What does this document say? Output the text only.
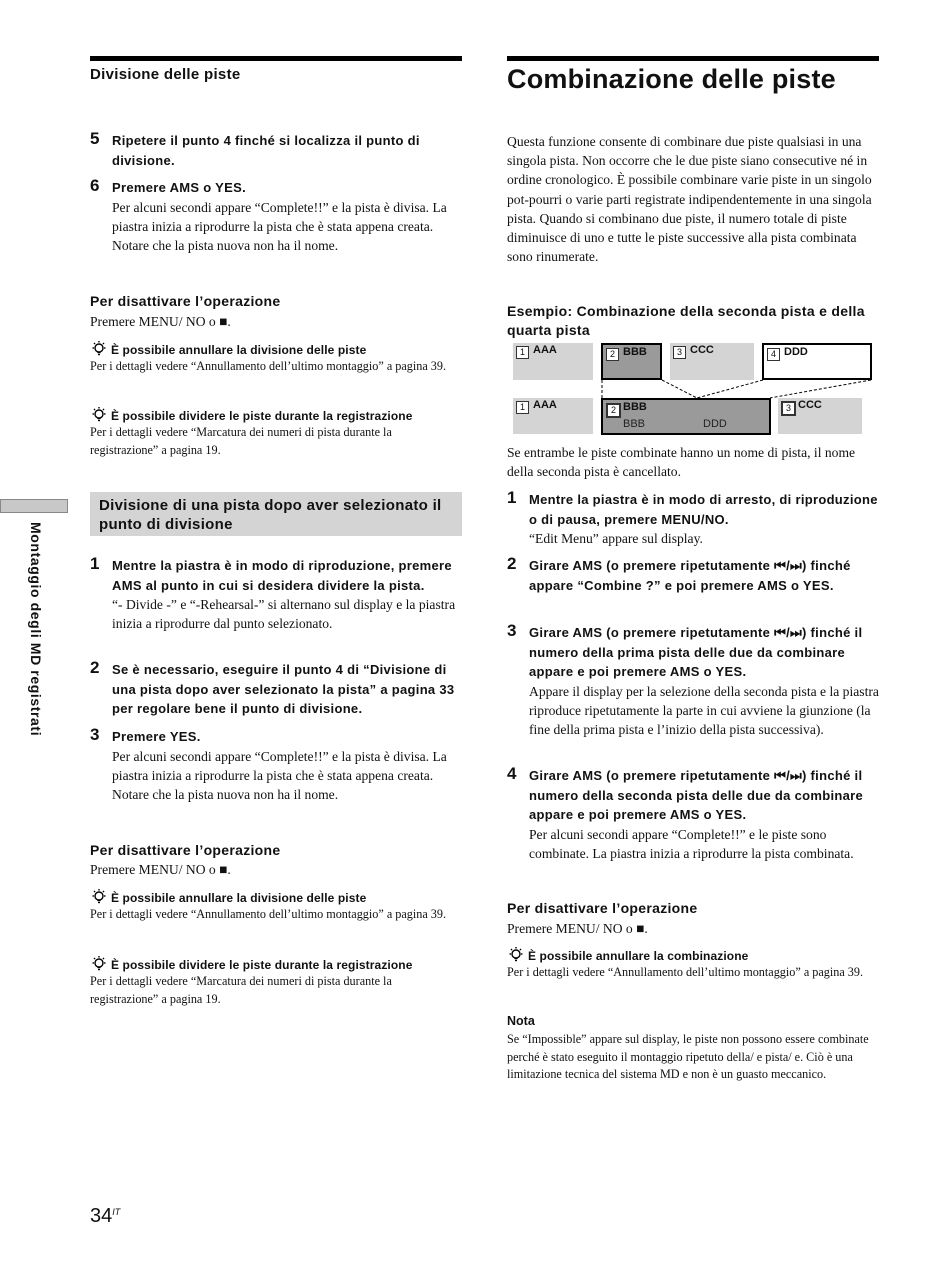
Divisione delle piste
5 Ripetere il punto 4 finché si localizza il punto di divisione.
6 Premere AMS o YES.
Per alcuni secondi appare “Complete!!” e la pista è divisa. La piastra inizia a riprodurre la pista che è stata appena creata. Notare che la pista nuova non ha il nome.
Per disattivare l’operazione
Premere MENU/ NO o ■.
È possibile annullare la divisione delle piste
Per i dettagli vedere “Annullamento dell’ultimo montaggio” a pagina 39.
È possibile dividere le piste durante la registrazione
Per i dettagli vedere “Marcatura dei numeri di pista durante la registrazione” a pagina 19.
Divisione di una pista dopo aver selezionato il punto di divisione
1 Mentre la piastra è in modo di riproduzione, premere AMS al punto in cui si desidera dividere la pista.
“- Divide -” e “-Rehearsal-” si alternano sul display e la piastra inizia a riprodurre dal punto selezionato.
2 Se è necessario, eseguire il punto 4 di “Divisione di una pista dopo aver selezionato la pista” a pagina 33 per regolare bene il punto di divisione.
3 Premere YES.
Per alcuni secondi appare “Complete!!” e la pista è divisa. La piastra inizia a riprodurre la pista che è stata appena creata. Notare che la pista nuova non ha il nome.
Per disattivare l’operazione
Premere MENU/ NO o ■.
È possibile annullare la divisione delle piste
Per i dettagli vedere “Annullamento dell’ultimo montaggio” a pagina 39.
È possibile dividere le piste durante la registrazione
Per i dettagli vedere “Marcatura dei numeri di pista durante la registrazione” a pagina 19.
Montaggio degli MD registrati
Combinazione delle piste
Questa funzione consente di combinare due piste qualsiasi in una singola pista. Non occorre che le due piste siano consecutive né in ordine cronologico. È possibile combinare varie piste in un singolo pot-pourri o varie parti registrate indipendentemente in una singola pista. Quando si combinano due piste, il numero totale di piste diminuisce di uno e tutte le piste successive alla pista combinata sono rinumerate.
Esempio: Combinazione della seconda pista e della quarta pista
1 AAA	2 BBB	3 CCC	4 DDD
1 AAA	2 BBB
BBB	DDD
3 CCC
Se entrambe le piste combinate hanno un nome di pista, il nome della seconda pista è cancellato.
1 Mentre la piastra è in modo di arresto, di riproduzione o di pausa, premere MENU/NO.
“Edit Menu” appare sul display.
2 Girare AMS (o premere ripetutamente ⏮/⏭) finché appare “Combine ?” e poi premere AMS o YES.
3 Girare AMS (o premere ripetutamente ⏮/⏭) finché il numero della prima pista delle due da combinare appare e poi premere AMS o YES.
Appare il display per la selezione della seconda pista e la piastra riproduce ripetutamente la parte in cui avviene la giunzione (la fine della prima pista e l’inizio della pista successiva).
4 Girare AMS (o premere ripetutamente ⏮/⏭) finché il numero della seconda pista delle due da combinare appare e poi premere AMS o YES.
Per alcuni secondi appare “Complete!!” e le piste sono combinate. La piastra inizia a riprodurre la pista combinata.
Per disattivare l’operazione
Premere MENU/ NO o ■.
È possibile annullare la combinazione
Per i dettagli vedere “Annullamento dell’ultimo montaggio” a pagina 39.
Nota
Se “Impossible” appare sul display, le piste non possono essere combinate perché è stato eseguito il montaggio ripetuto della/ e pista/ e. Ciò è una limitazione tecnica del sistema MD e non è un guasto meccanico.
$34^{IT}$
